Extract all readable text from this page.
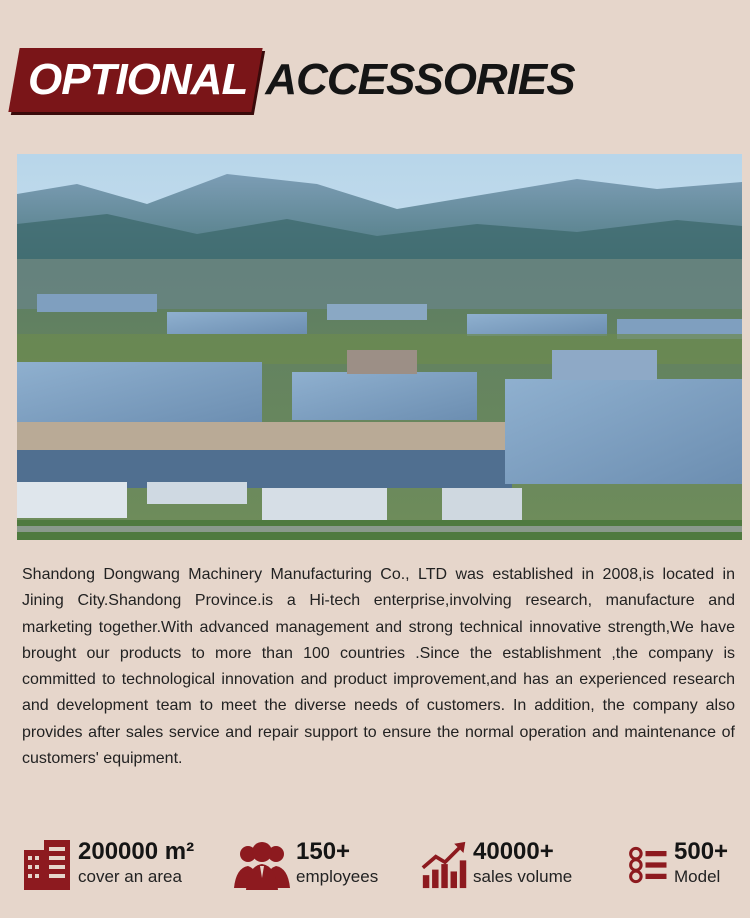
OPTIONAL ACCESSORIES

Shandong Dongwang Machinery Manufacturing Co., LTD was established in 2008,is located in Jining City.Shandong Province.is a Hi-tech enterprise,involving research, manufacture and marketing together.With advanced management and strong technical innovative strength,We have brought our products to more than 100 countries .Since the establishment ,the company is committed to technological innovation and product improvement,and has an experienced research and development team to meet the diverse needs of customers. In addition, the company also provides after sales service and repair support to ensure the normal operation and maintenance of customers' equipment.

200000 m²
cover an area
150+
employees
40000+
sales volume
500+
Model
